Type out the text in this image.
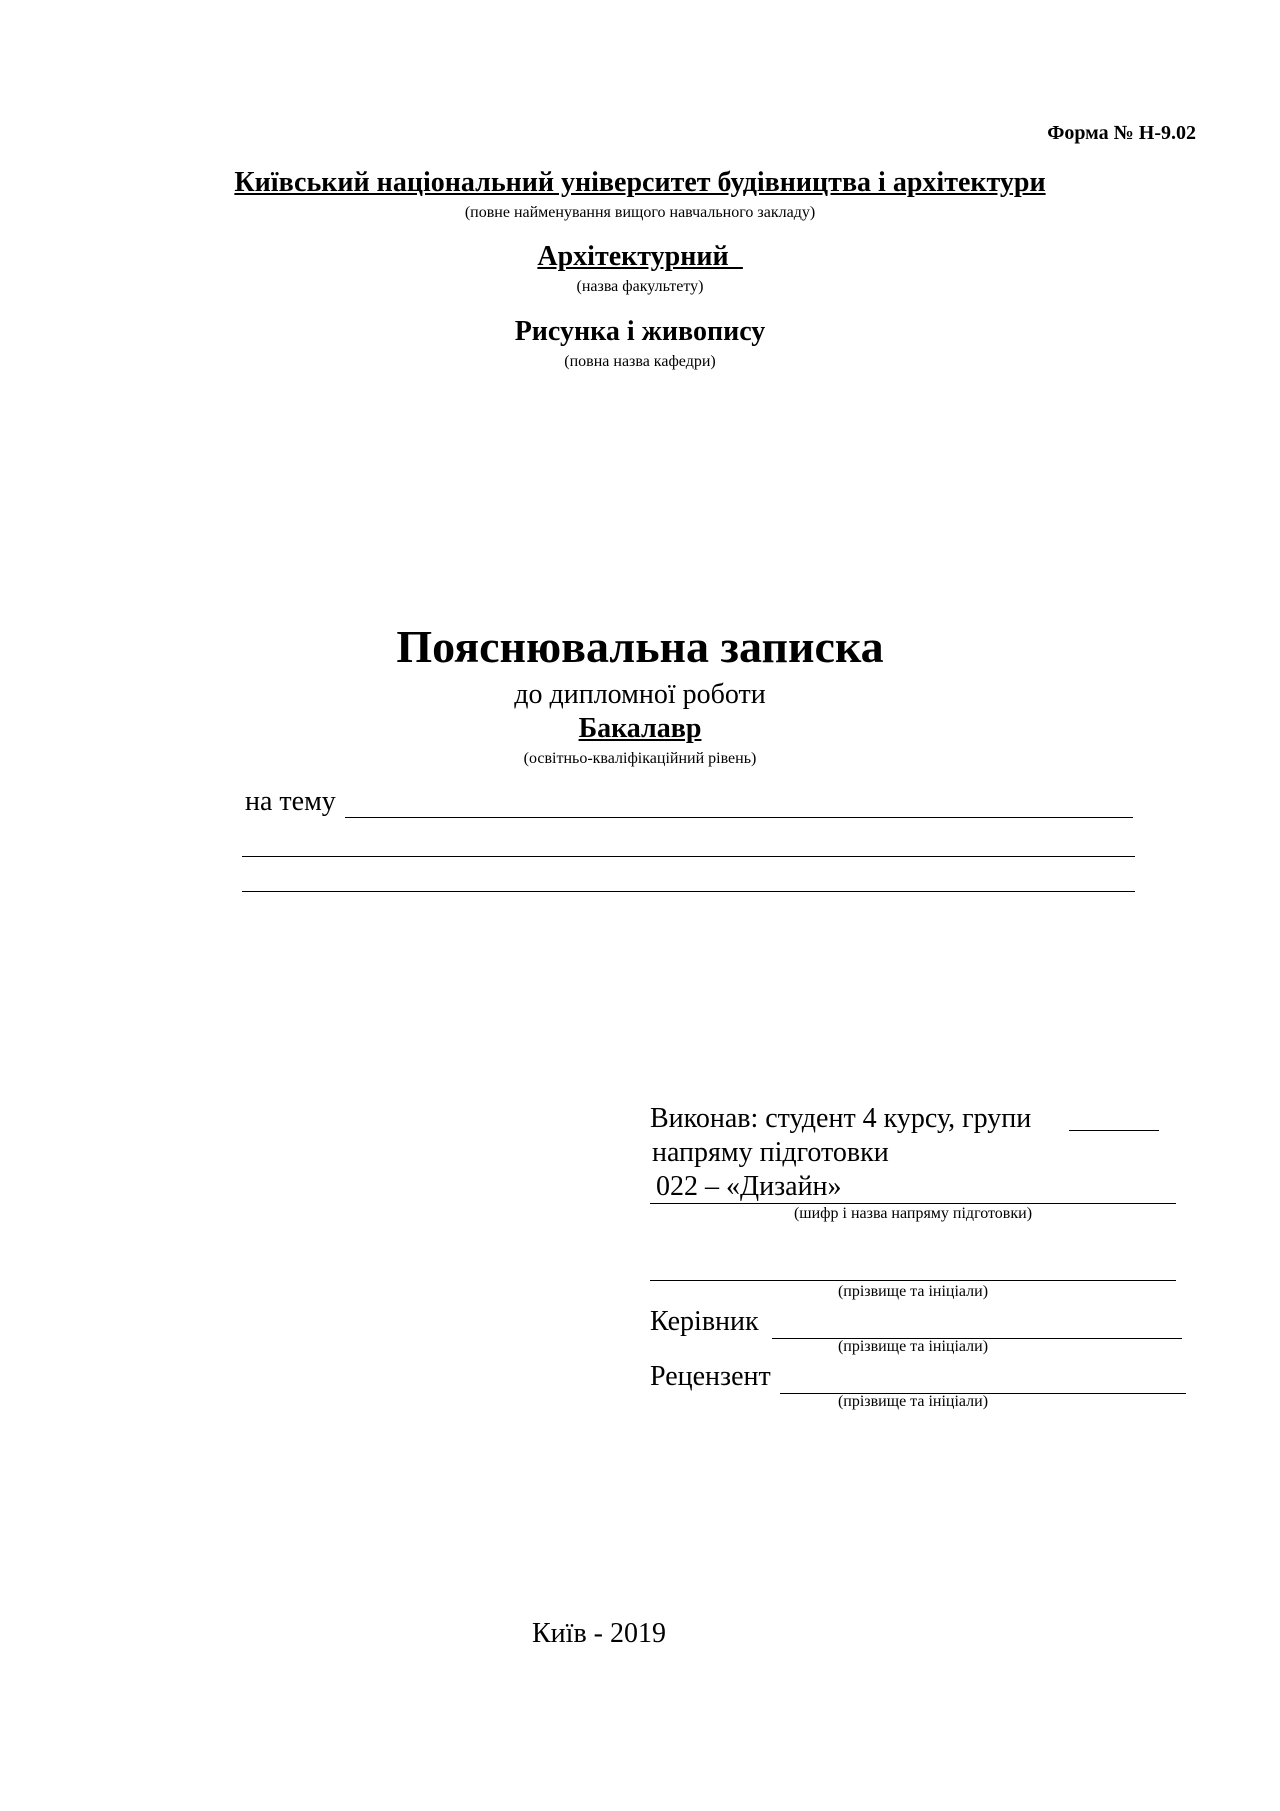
Форма № Н-9.02
Київський національний університет будівництва і архітектури
(повне найменування вищого навчального закладу)
Архітектурний_
(назва факультету)
Рисунка і живопису
(повна назва кафедри)
Пояснювальна записка
до дипломної роботи
Бакалавр
(освітньо-кваліфікаційний рівень)
на тему
Виконав: студент 4 курсу, групи
напряму підготовки
022 – «Дизайн»
(шифр і назва напряму підготовки)
(прізвище та ініціали)
Керівник
(прізвище та ініціали)
Рецензент
(прізвище та ініціали)
Київ - 2019
